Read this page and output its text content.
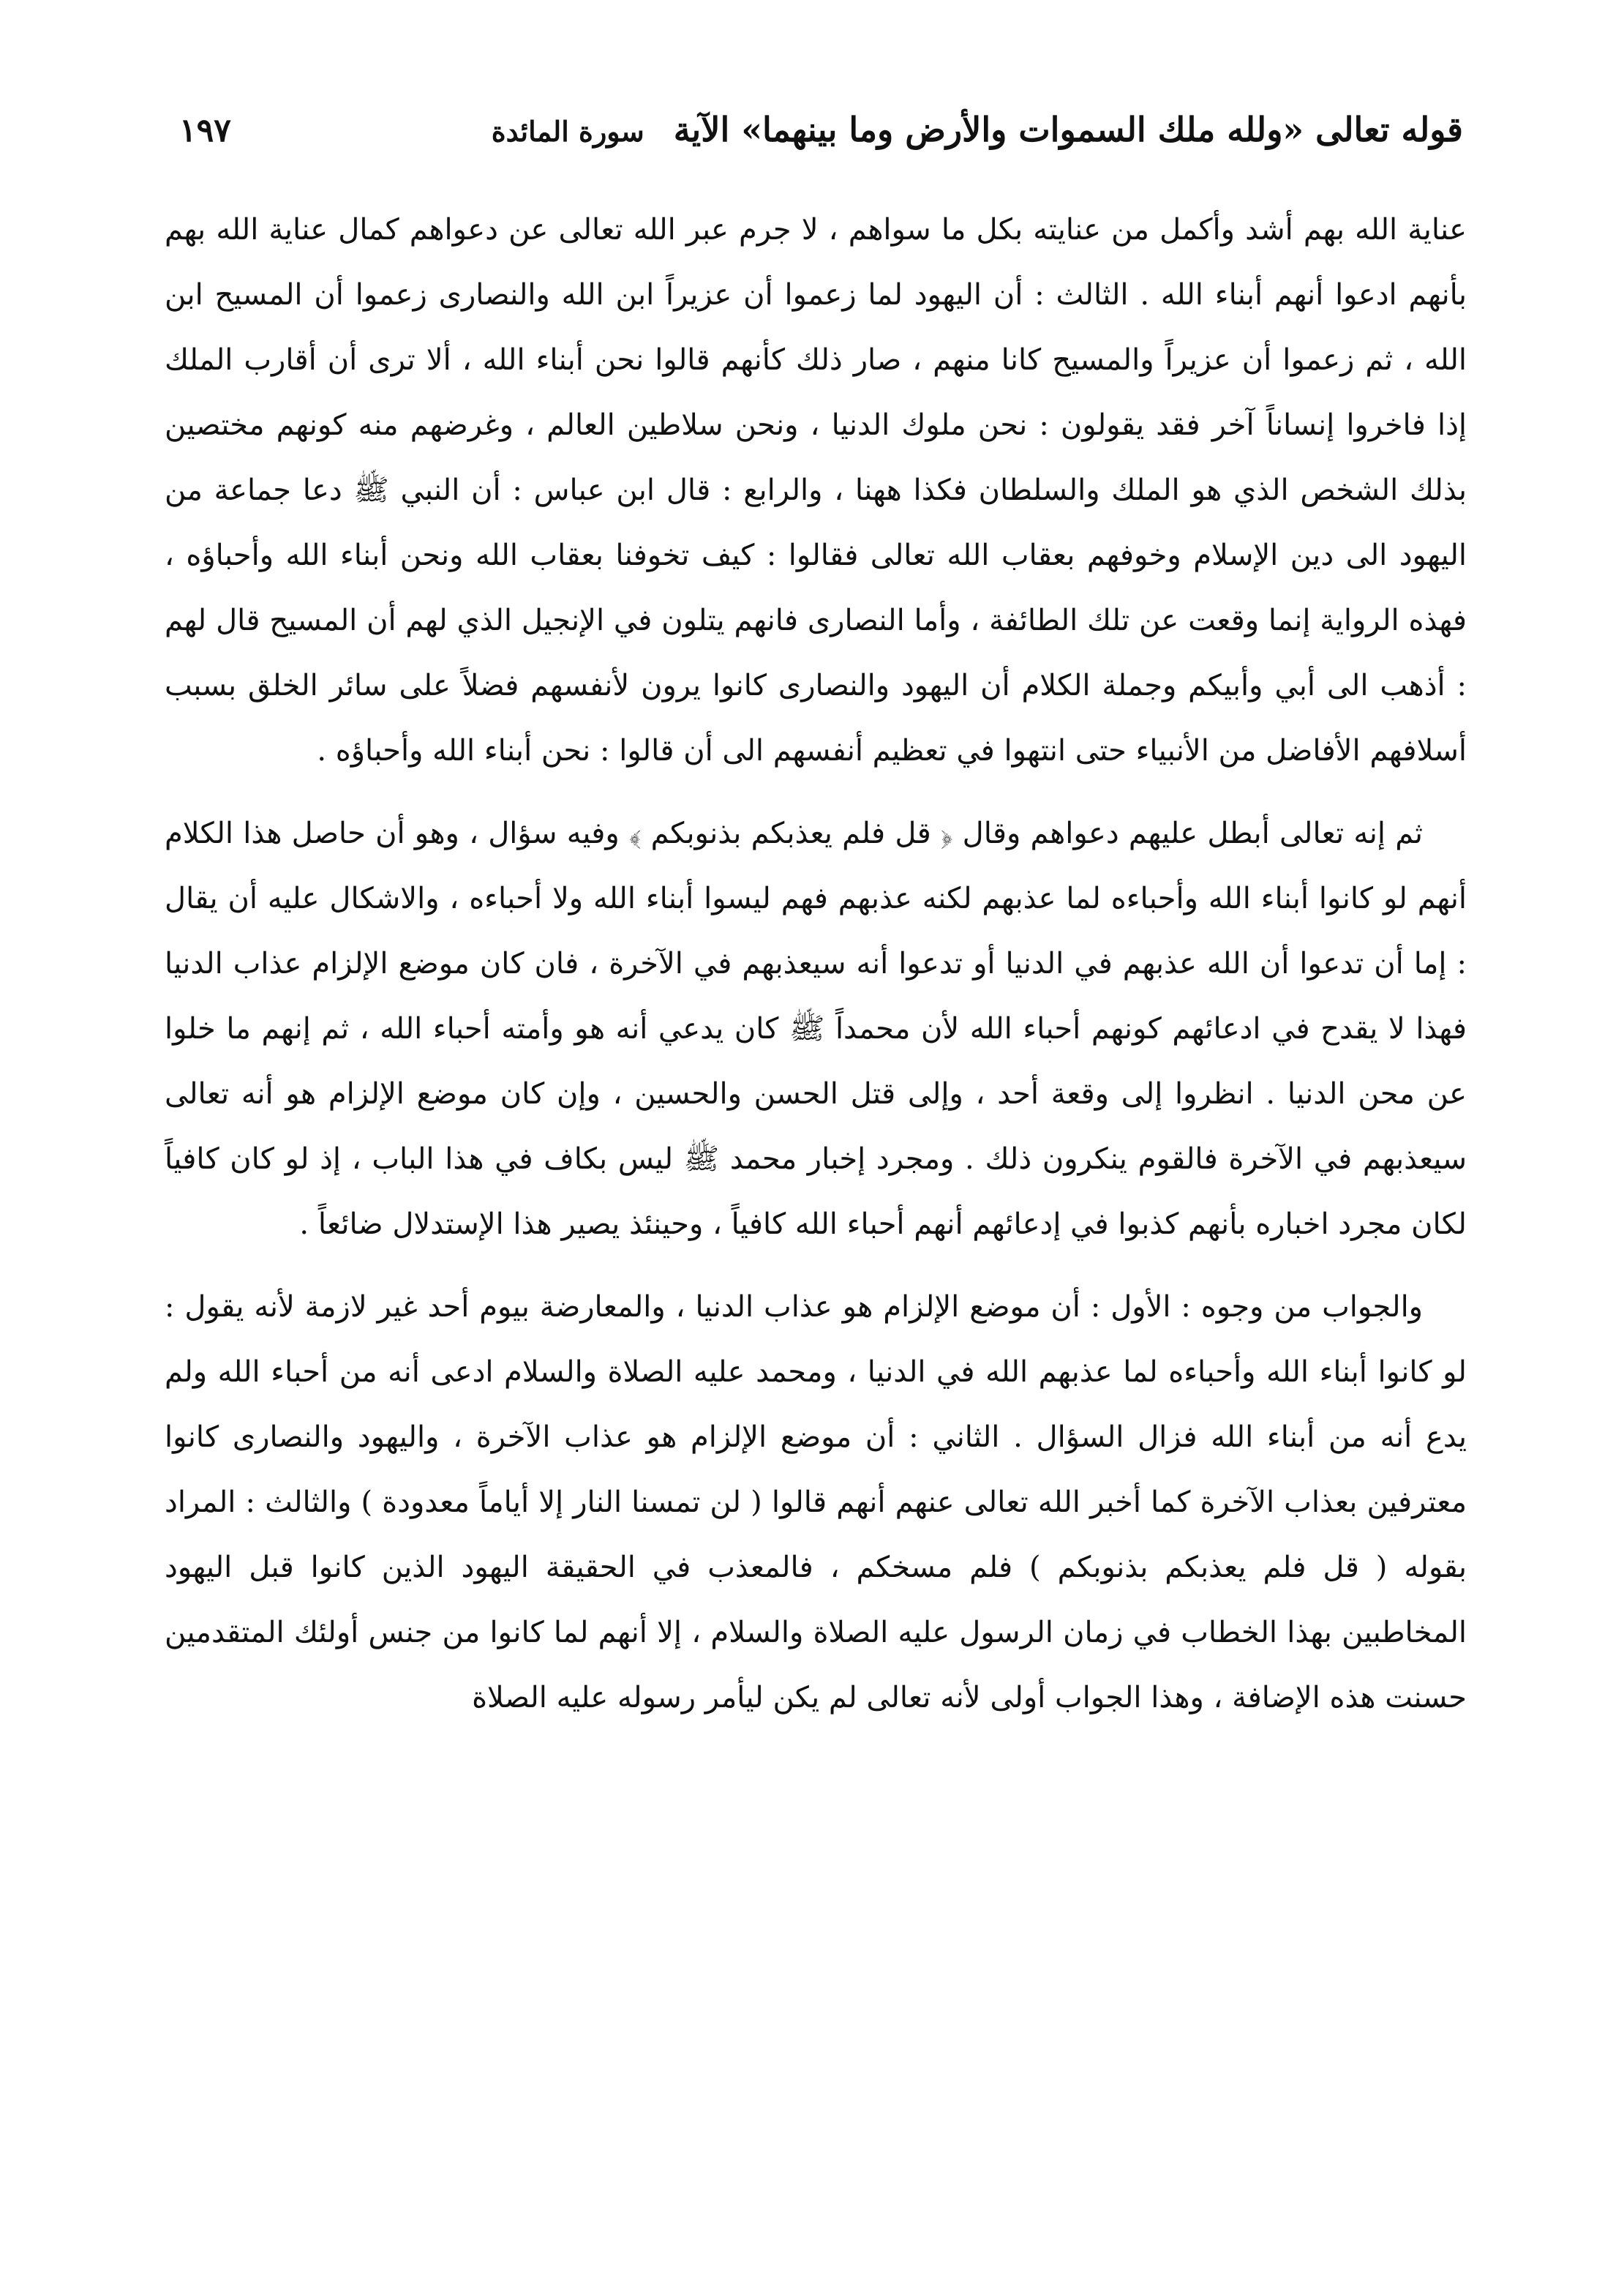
قوله تعالى «ولله ملك السموات والأرض وما بينهما» الآية
سورة المائدة
١٩٧

عناية الله بهم أشد وأكمل من عنايته بكل ما سواهم ، لا جرم عبر الله تعالى عن دعواهم كمال عناية الله بهم بأنهم ادعوا أنهم أبناء الله . الثالث : أن اليهود لما زعموا أن عزيراً ابن الله والنصارى زعموا أن المسيح ابن الله ، ثم زعموا أن عزيراً والمسيح كانا منهم ، صار ذلك كأنهم قالوا نحن أبناء الله ، ألا ترى أن أقارب الملك إذا فاخروا إنساناً آخر فقد يقولون : نحن ملوك الدنيا ، ونحن سلاطين العالم ، وغرضهم منه كونهم مختصين بذلك الشخص الذي هو الملك والسلطان فكذا ههنا ، والرابع : قال ابن عباس : أن النبي ﷺ دعا جماعة من اليهود الى دين الإسلام وخوفهم بعقاب الله تعالى فقالوا : كيف تخوفنا بعقاب الله ونحن أبناء الله وأحباؤه ، فهذه الرواية إنما وقعت عن تلك الطائفة ، وأما النصارى فانهم يتلون في الإنجيل الذي لهم أن المسيح قال لهم : أذهب الى أبي وأبيكم وجملة الكلام أن اليهود والنصارى كانوا يرون لأنفسهم فضلاً على سائر الخلق بسبب أسلافهم الأفاضل من الأنبياء حتى انتهوا في تعظيم أنفسهم الى أن قالوا : نحن أبناء الله وأحباؤه .

ثم إنه تعالى أبطل عليهم دعواهم وقال ﴿ قل فلم يعذبكم بذنوبكم ﴾ وفيه سؤال ، وهو أن حاصل هذا الكلام أنهم لو كانوا أبناء الله وأحباءه لما عذبهم لكنه عذبهم فهم ليسوا أبناء الله ولا أحباءه ، والاشكال عليه أن يقال : إما أن تدعوا أن الله عذبهم في الدنيا أو تدعوا أنه سيعذبهم في الآخرة ، فان كان موضع الإلزام عذاب الدنيا فهذا لا يقدح في ادعائهم كونهم أحباء الله لأن محمداً ﷺ كان يدعي أنه هو وأمته أحباء الله ، ثم إنهم ما خلوا عن محن الدنيا . انظروا إلى وقعة أحد ، وإلى قتل الحسن والحسين ، وإن كان موضع الإلزام هو أنه تعالى سيعذبهم في الآخرة فالقوم ينكرون ذلك . ومجرد إخبار محمد ﷺ ليس بكاف في هذا الباب ، إذ لو كان كافياً لكان مجرد اخباره بأنهم كذبوا في إدعائهم أنهم أحباء الله كافياً ، وحينئذ يصير هذا الإستدلال ضائعاً .

والجواب من وجوه : الأول : أن موضع الإلزام هو عذاب الدنيا ، والمعارضة بيوم أحد غير لازمة لأنه يقول : لو كانوا أبناء الله وأحباءه لما عذبهم الله في الدنيا ، ومحمد عليه الصلاة والسلام ادعى أنه من أحباء الله ولم يدع أنه من أبناء الله فزال السؤال . الثاني : أن موضع الإلزام هو عذاب الآخرة ، واليهود والنصارى كانوا معترفين بعذاب الآخرة كما أخبر الله تعالى عنهم أنهم قالوا ( لن تمسنا النار إلا أياماً معدودة ) والثالث : المراد بقوله ( قل فلم يعذبكم بذنوبكم ) فلم مسخكم ، فالمعذب في الحقيقة اليهود الذين كانوا قبل اليهود المخاطبين بهذا الخطاب في زمان الرسول عليه الصلاة والسلام ، إلا أنهم لما كانوا من جنس أولئك المتقدمين حسنت هذه الإضافة ، وهذا الجواب أولى لأنه تعالى لم يكن ليأمر رسوله عليه الصلاة
